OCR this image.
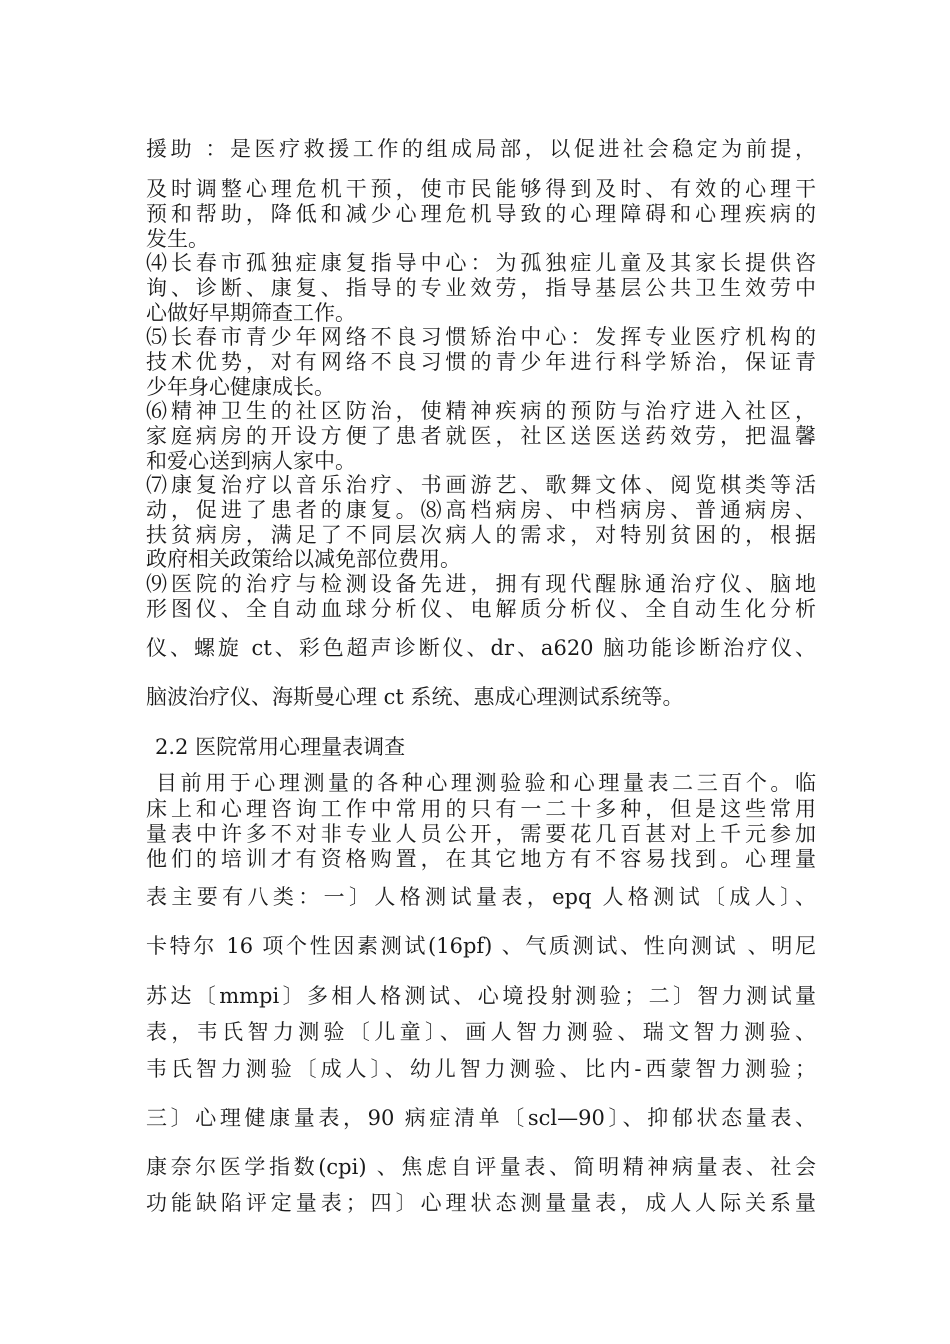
援助 ：是医疗救援工作的组成局部，以促进社会稳定为前提，
及时调整心理危机干预，使市民能够得到及时、有效的心理干
预和帮助，降低和减少心理危机导致的心理障碍和心理疾病的
发生。
⑷长春市孤独症康复指导中心：为孤独症儿童及其家长提供咨
询、诊断、康复、指导的专业效劳，指导基层公共卫生效劳中
心做好早期筛查工作。
⑸长春市青少年网络不良习惯矫治中心：发挥专业医疗机构的
技术优势，对有网络不良习惯的青少年进行科学矫治，保证青
少年身心健康成长。
⑹精神卫生的社区防治，使精神疾病的预防与治疗进入社区，
家庭病房的开设方便了患者就医，社区送医送药效劳，把温馨
和爱心送到病人家中。
⑺康复治疗以音乐治疗、书画游艺、歌舞文体、阅览棋类等活
动，促进了患者的康复。⑻高档病房、中档病房、普通病房、
扶贫病房，满足了不同层次病人的需求，对特别贫困的，根据
政府相关政策给以减免部位费用。
⑼医院的治疗与检测设备先进，拥有现代醒脉通治疗仪、脑地
形图仪、全自动血球分析仪、电解质分析仪、全自动生化分析
仪、螺旋 ct、彩色超声诊断仪、dr、a620 脑功能诊断治疗仪、
脑波治疗仪、海斯曼心理 ct 系统、惠成心理测试系统等。
2.2 医院常用心理量表调查
目前用于心理测量的各种心理测验验和心理量表二三百个。临
床上和心理咨询工作中常用的只有一二十多种，但是这些常用
量表中许多不对非专业人员公开，需要花几百甚对上千元参加
他们的培训才有资格购置，在其它地方有不容易找到。心理量
表主要有八类：一〕人格测试量表，epq 人格测试〔成人〕、
卡特尔 16 项个性因素测试(16pf) 、气质测试、性向测试 、明尼
苏达〔mmpi〕多相人格测试、心境投射测验；二〕智力测试量
表，韦氏智力测验〔儿童〕、画人智力测验、瑞文智力测验、
韦氏智力测验〔成人〕、幼儿智力测验、比内-西蒙智力测验；
三〕心理健康量表，90 病症清单〔scl—90〕、抑郁状态量表、
康奈尔医学指数(cpi) 、焦虑自评量表、简明精神病量表、社会
功能缺陷评定量表；四〕心理状态测量量表，成人人际关系量
